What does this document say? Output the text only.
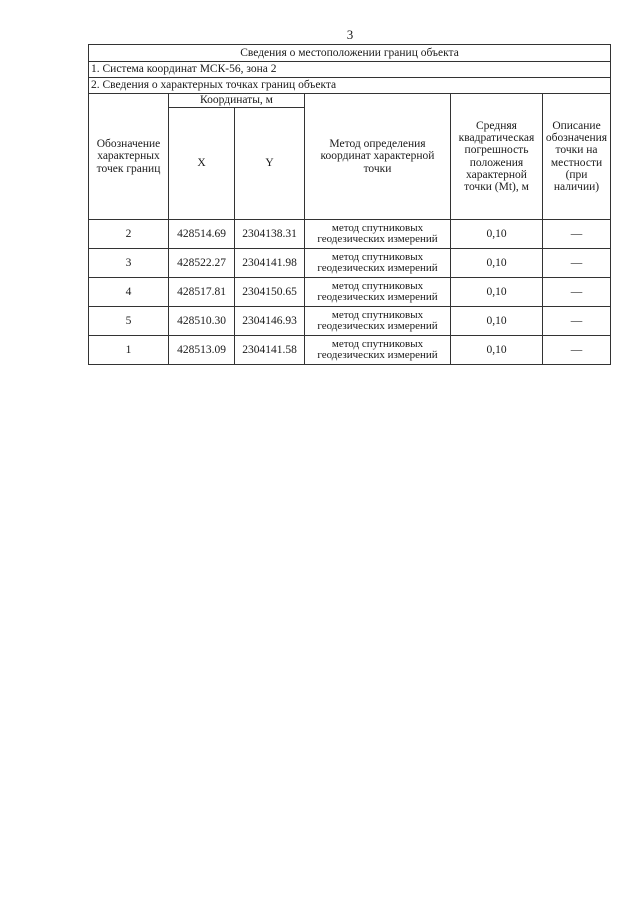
3
Сведения о местоположении границ объекта					
1. Система координат МСК-56, зона 2					
2. Сведения о характерных точках границ объекта					
Обозначение характерных точек границ	Координаты, м		Метод определения координат характерной точки	Средняя квадратическая погрешность положения характерной точки (Mt), м	Описание обозначения точки на местности (при наличии)
	X	Y			
2	428514.69	2304138.31	метод спутниковых геодезических измерений	0,10	—
3	428522.27	2304141.98	метод спутниковых геодезических измерений	0,10	—
4	428517.81	2304150.65	метод спутниковых геодезических измерений	0,10	—
5	428510.30	2304146.93	метод спутниковых геодезических измерений	0,10	—
1	428513.09	2304141.58	метод спутниковых геодезических измерений	0,10	—
